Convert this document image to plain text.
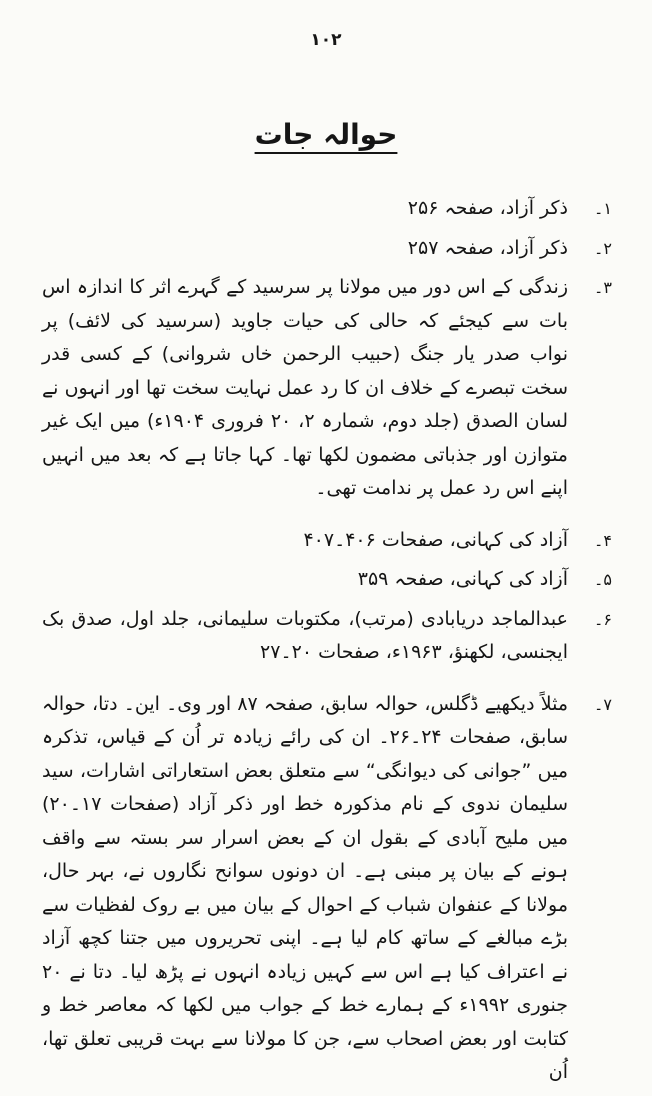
۱۰۲
حوالہ جات
۱۔
ذکر آزاد، صفحہ ۲۵۶
۲۔
ذکر آزاد، صفحہ ۲۵۷
۳۔
زندگی کے اس دور میں مولانا پر سرسید کے گہرے اثر کا اندازہ اس بات سے کیجئے کہ حالی کی حیات جاوید (سرسید کی لائف) پر نواب صدر یار جنگ (حبیب الرحمن خاں شروانی) کے کسی قدر سخت تبصرے کے خلاف ان کا رد عمل نہایت سخت تھا اور انہوں نے لسان الصدق (جلد دوم، شمارہ ۲، ۲۰ فروری ۱۹۰۴ء) میں ایک غیر متوازن اور جذباتی مضمون لکھا تھا۔ کہا جاتا ہے کہ بعد میں انہیں اپنے اس رد عمل پر ندامت تھی۔
۴۔
آزاد کی کہانی، صفحات ۴۰۶۔۴۰۷
۵۔
آزاد کی کہانی، صفحہ ۳۵۹
۶۔
عبدالماجد دریابادی (مرتب)، مکتوبات سلیمانی، جلد اول، صدق بک ایجنسی، لکھنؤ، ۱۹۶۳ء، صفحات ۲۰۔۲۷
۷۔
مثلاً دیکھیے ڈگلس، حوالہ سابق، صفحہ ۸۷ اور وی۔ این۔ دتا، حوالہ سابق، صفحات ۲۴۔۲۶۔ ان کی رائے زیادہ تر اُن کے قیاس، تذکرہ میں ”جوانی کی دیوانگی“ سے متعلق بعض استعاراتی اشارات، سید سلیمان ندوی کے نام مذکورہ خط اور ذکر آزاد (صفحات ۱۷۔۲۰) میں ملیح آبادی کے بقول ان کے بعض اسرار سر بستہ سے واقف ہونے کے بیان پر مبنی ہے۔ ان دونوں سوانح نگاروں نے، بہر حال، مولانا کے عنفوان شباب کے احوال کے بیان میں بے روک لفظیات سے بڑے مبالغے کے ساتھ کام لیا ہے۔ اپنی تحریروں میں جتنا کچھ آزاد نے اعتراف کیا ہے اس سے کہیں زیادہ انہوں نے پڑھ لیا۔ دتا نے ۲۰ جنوری ۱۹۹۲ء کے ہمارے خط کے جواب میں لکھا کہ معاصر خط و کتابت اور بعض اصحاب سے، جن کا مولانا سے بہت قریبی تعلق تھا، اُن
